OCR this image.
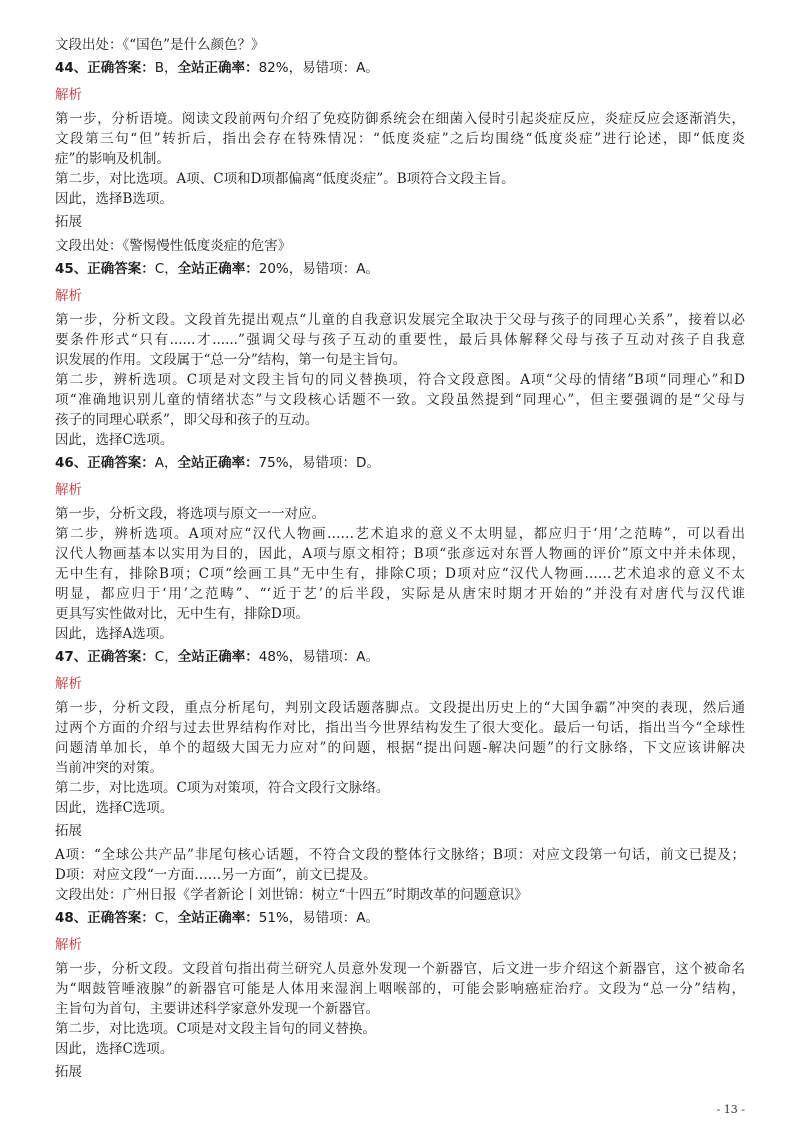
文段出处：《“国色”是什么颜色？》
44、正确答案：B，全站正确率：82%，易错项：A。
解析
第一步，分析语境。阅读文段前两句介绍了免疫防御系统会在细菌入侵时引起炎症反应，炎症反应会逐渐消失，
文段第三句“但”转折后，指出会存在特殊情况：“低度炎症”之后均围绕“低度炎症”进行论述，即“低度炎
症”的影响及机制。
第二步，对比选项。A项、C项和D项都偏离“低度炎症”。B项符合文段主旨。
因此，选择B选项。
拓展
文段出处：《警惕慢性低度炎症的危害》
45、正确答案：C，全站正确率：20%，易错项：A。
解析
第一步，分析文段。文段首先提出观点“儿童的自我意识发展完全取决于父母与孩子的同理心关系”，接着以必
要条件形式“只有......才......”强调父母与孩子互动的重要性，最后具体解释父母与孩子互动对孩子自我意
识发展的作用。文段属于“总一分”结构，第一句是主旨句。
第二步，辨析选项。C项是对文段主旨句的同义替换项，符合文段意图。A项“父母的情绪”B项“同理心”和D
项“准确地识别儿童的情绪状态”与文段核心话题不一致。文段虽然提到“同理心”，但主要强调的是“父母与
孩子的同理心联系”，即父母和孩子的互动。
因此，选择C选项。
46、正确答案：A，全站正确率：75%，易错项：D。
解析
第一步，分析文段，将选项与原文一一对应。
第二步，辨析选项。A项对应“汉代人物画……艺术追求的意义不太明显，都应归于‘用’之范畴”，可以看出
汉代人物画基本以实用为目的，因此，A项与原文相符；B项“张彦远对东晋人物画的评价”原文中并未体现，
无中生有，排除B项；C项“绘画工具”无中生有，排除C项；D项对应“汉代人物画……艺术追求的意义不太
明显，都应归于‘用’之范畴”、“‘近于艺’的后半段，实际是从唐宋时期才开始的”并没有对唐代与汉代谁
更具写实性做对比，无中生有，排除D项。
因此，选择A选项。
47、正确答案：C，全站正确率：48%，易错项：A。
解析
第一步，分析文段，重点分析尾句，判别文段话题落脚点。文段提出历史上的“大国争霸”冲突的表现，然后通
过两个方面的介绍与过去世界结构作对比，指出当今世界结构发生了很大变化。最后一句话，指出当今“全球性
问题清单加长，单个的超级大国无力应对”的问题，根据“提出问题-解决问题”的行文脉络，下文应该讲解决
当前冲突的对策。
第二步，对比选项。C项为对策项，符合文段行文脉络。
因此，选择C选项。
拓展
A项：“全球公共产品”非尾句核心话题，不符合文段的整体行文脉络；B项：对应文段第一句话，前文已提及；
D项：对应文段“一方面……另一方面”，前文已提及。
文段出处：广州日报《学者新论丨刘世锦：树立“十四五”时期改革的问题意识》
48、正确答案：C，全站正确率：51%，易错项：A。
解析
第一步，分析文段。文段首句指出荷兰研究人员意外发现一个新器官，后文进一步介绍这个新器官，这个被命名
为“咽鼓管唾液腺”的新器官可能是人体用来湿润上咽喉部的，可能会影响癌症治疗。文段为“总一分”结构，
主旨句为首句，主要讲述科学家意外发现一个新器官。
第二步，对比选项。C项是对文段主旨句的同义替换。
因此，选择C选项。
拓展
- 13 -
